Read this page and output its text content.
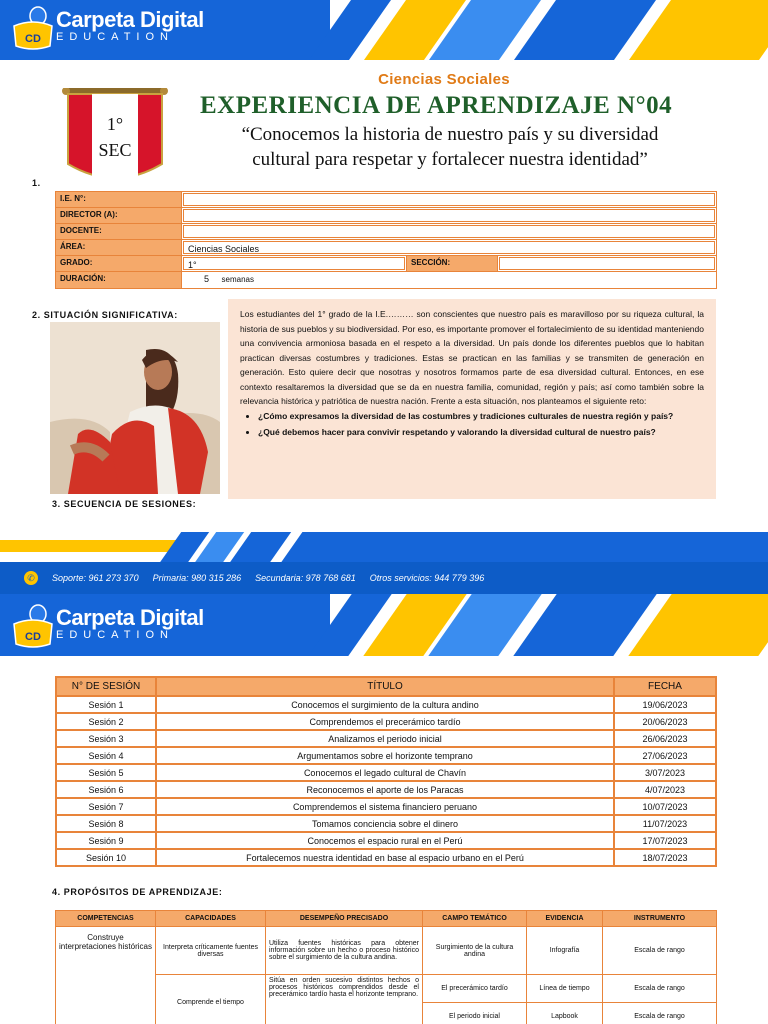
CD
Carpeta Digital
EDUCATION
1°
SEC
Ciencias Sociales
EXPERIENCIA DE APRENDIZAJE N°04
“Conocemos la historia de nuestro país y su diversidad
cultural para respetar y fortalecer nuestra identidad”
1.
I.E. N°:
DIRECTOR (A):
DOCENTE:
ÁREA:	Ciencias Sociales
GRADO:	1°	SECCIÓN:
DURACIÓN:	5 semanas
2. SITUACIÓN SIGNIFICATIVA:	Los estudiantes del 1° grado de la I.E.……… son conscientes que nuestro país es maravilloso por su riqueza cultural, la historia de sus pueblos y su biodiversidad. Por eso, es importante promover el fortalecimiento de su identidad manteniendo una convivencia armoniosa basada en el respeto a la diversidad. Un país donde los diferentes pueblos que lo habitan practican diversas costumbres y tradiciones. Estas se practican en las familias y se transmiten de generación en generación. Esto quiere decir que nosotras y nosotros formamos parte de esa diversidad cultural. Entonces, en ese contexto resaltaremos la diversidad que se da en nuestra familia, comunidad, región y país; así como también sobre la relevancia histórica y patriótica de nuestra nación. Frente a esta situación, nos planteamos el siguiente reto:
• ¿Cómo expresamos la diversidad de las costumbres y tradiciones culturales de nuestra región y país?
• ¿Qué debemos hacer para convivir respetando y valorando la diversidad cultural de nuestro país?
3. SECUENCIA DE SESIONES:
✆	Soporte: 961 273 370 Primaria: 980 315 286 Secundaria: 978 768 681 Otros servicios: 944 779 396
CD
Carpeta Digital
EDUCATION
N° DE SESIÓN	TÍTULO	FECHA
Sesión 1	Conocemos el surgimiento de la cultura andino	19/06/2023
Sesión 2	Comprendemos el precerámico tardío	20/06/2023
Sesión 3	Analizamos el periodo inicial	26/06/2023
Sesión 4	Argumentamos sobre el horizonte temprano	27/06/2023
Sesión 5	Conocemos el legado cultural de Chavín	3/07/2023
Sesión 6	Reconocemos el aporte de los Paracas	4/07/2023
Sesión 7	Comprendemos el sistema financiero peruano	10/07/2023
Sesión 8	Tomamos conciencia sobre el dinero	11/07/2023
Sesión 9	Conocemos el espacio rural en el Perú	17/07/2023
Sesión 10	Fortalecemos nuestra identidad en base al espacio urbano en el Perú	18/07/2023
4. PROPÓSITOS DE APRENDIZAJE:
COMPETENCIAS	CAPACIDADES	DESEMPEÑO PRECISADO	CAMPO TEMÁTICO	EVIDENCIA	INSTRUMENTO
Construye interpretaciones históricas	Interpreta críticamente fuentes diversas	Utiliza fuentes históricas para obtener información sobre un hecho o proceso histórico sobre el surgimiento de la cultura andina.	Surgimiento de la cultura andina	Infografía	Escala de rango
	Comprende el tiempo	Sitúa en orden sucesivo distintos hechos o procesos históricos comprendidos desde el precerámico tardío hasta el horizonte temprano.	El precerámico tardío	Línea de tiempo	Escala de rango
			El periodo inicial	Lapbook	Escala de rango
